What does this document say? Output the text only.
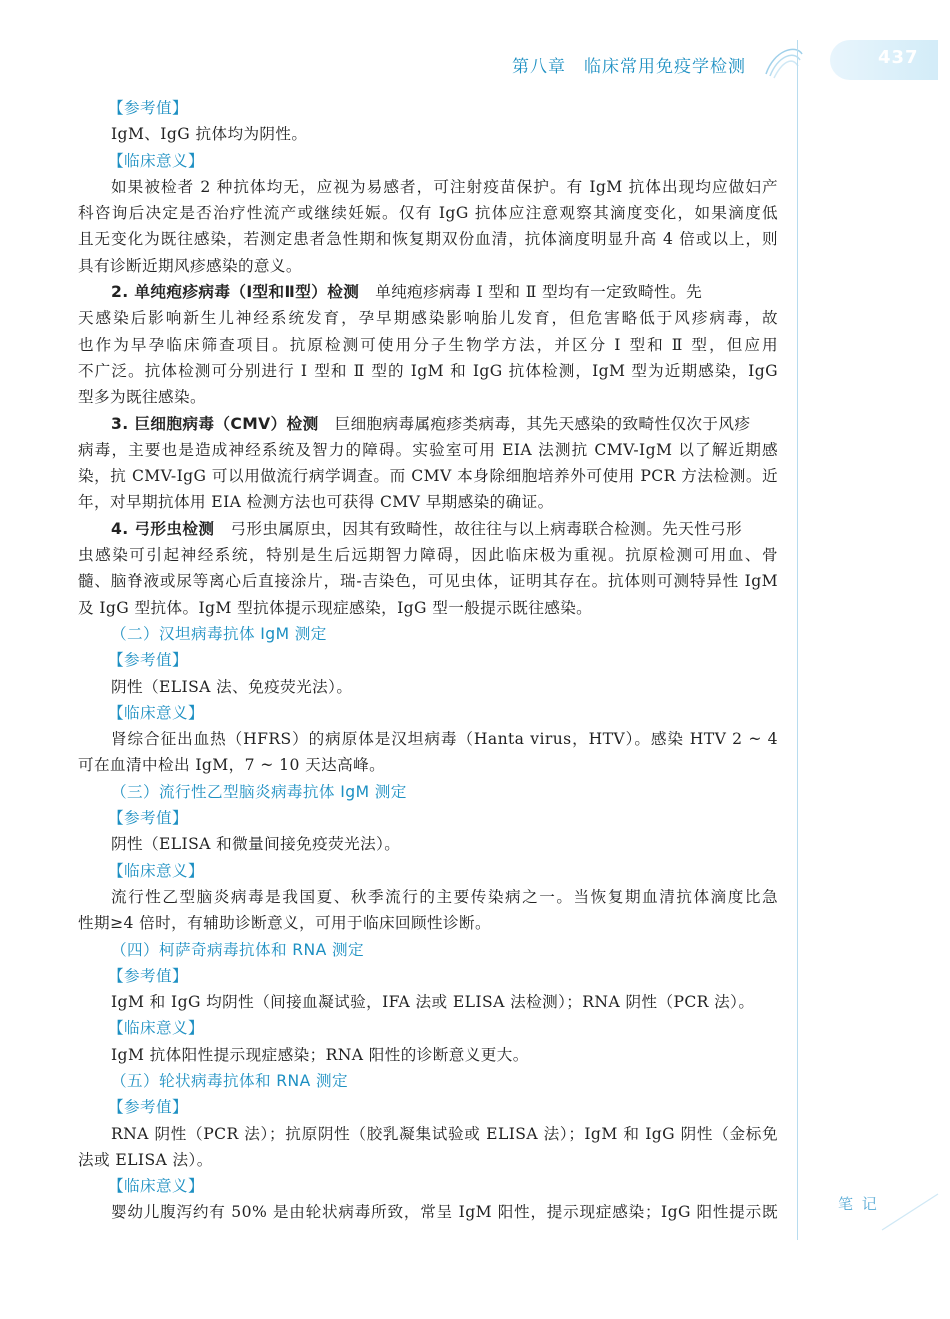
第八章　临床常用免疫学检测	437
【参考值】
IgM、IgG 抗体均为阴性。
【临床意义】
如果被检者 2 种抗体均无，应视为易感者，可注射疫苗保护。有 IgM 抗体出现均应做妇产
科咨询后决定是否治疗性流产或继续妊娠。仅有 IgG 抗体应注意观察其滴度变化，如果滴度低
且无变化为既往感染，若测定患者急性期和恢复期双份血清，抗体滴度明显升高 4 倍或以上，则
具有诊断近期风疹感染的意义。
2. 单纯疱疹病毒（Ⅰ型和Ⅱ型）检测　单纯疱疹病毒 Ⅰ 型和 Ⅱ 型均有一定致畸性。先
天感染后影响新生儿神经系统发育，孕早期感染影响胎儿发育，但危害略低于风疹病毒，故
也作为早孕临床筛查项目。抗原检测可使用分子生物学方法，并区分 Ⅰ 型和 Ⅱ 型，但应用
不广泛。抗体检测可分别进行 Ⅰ 型和 Ⅱ 型的 IgM 和 IgG 抗体检测，IgM 型为近期感染，IgG
型多为既往感染。
3. 巨细胞病毒（CMV）检测　巨细胞病毒属疱疹类病毒，其先天感染的致畸性仅次于风疹
病毒，主要也是造成神经系统及智力的障碍。实验室可用 EIA 法测抗 CMV-IgM 以了解近期感
染，抗 CMV-IgG 可以用做流行病学调查。而 CMV 本身除细胞培养外可使用 PCR 方法检测。近
年，对早期抗体用 EIA 检测方法也可获得 CMV 早期感染的确证。
4. 弓形虫检测　弓形虫属原虫，因其有致畸性，故往往与以上病毒联合检测。先天性弓形
虫感染可引起神经系统，特别是生后远期智力障碍，因此临床极为重视。抗原检测可用血、骨
髓、脑脊液或尿等离心后直接涂片，瑞-吉染色，可见虫体，证明其存在。抗体则可测特异性 IgM
及 IgG 型抗体。IgM 型抗体提示现症感染，IgG 型一般提示既往感染。
（二）汉坦病毒抗体 IgM 测定
【参考值】
阴性（ELISA 法、免疫荧光法）。
【临床意义】
肾综合征出血热（HFRS）的病原体是汉坦病毒（Hanta virus，HTV）。感染 HTV 2 ~ 4
可在血清中检出 IgM，7 ~ 10 天达高峰。
（三）流行性乙型脑炎病毒抗体 IgM 测定
【参考值】
阴性（ELISA 和微量间接免疫荧光法）。
【临床意义】
流行性乙型脑炎病毒是我国夏、秋季流行的主要传染病之一。当恢复期血清抗体滴度比急
性期≥4 倍时，有辅助诊断意义，可用于临床回顾性诊断。
（四）柯萨奇病毒抗体和 RNA 测定
【参考值】
IgM 和 IgG 均阴性（间接血凝试验，IFA 法或 ELISA 法检测）；RNA 阴性（PCR 法）。
【临床意义】
IgM 抗体阳性提示现症感染；RNA 阳性的诊断意义更大。
（五）轮状病毒抗体和 RNA 测定
【参考值】
RNA 阴性（PCR 法）；抗原阴性（胶乳凝集试验或 ELISA 法）；IgM 和 IgG 阴性（金标免
法或 ELISA 法）。
【临床意义】
婴幼儿腹泻约有 50% 是由轮状病毒所致，常呈 IgM 阳性，提示现症感染；IgG 阳性提示既	笔 记
